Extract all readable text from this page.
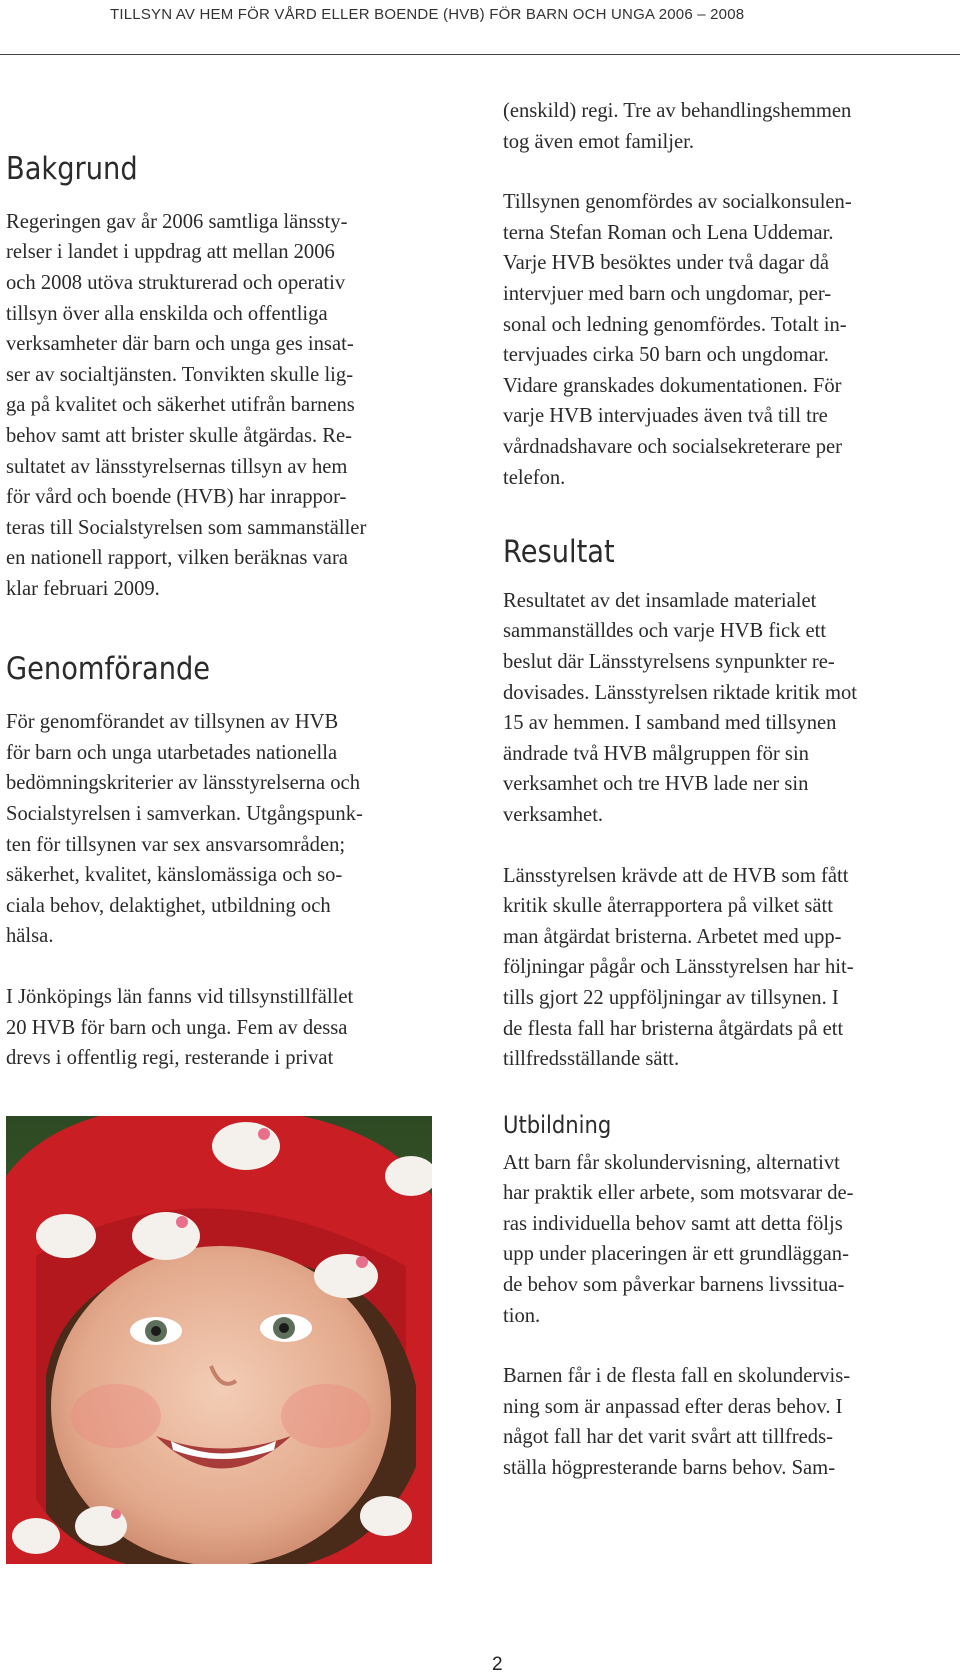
TILLSYN AV HEM FÖR VÅRD ELLER BOENDE (HVB) FÖR BARN OCH UNGA 2006 – 2008
Bakgrund
Regeringen gav år 2006 samtliga länssty-
relser i landet i uppdrag att mellan 2006
och 2008 utöva strukturerad och operativ
tillsyn över alla enskilda och offentliga
verksamheter där barn och unga ges insat-
ser av socialtjänsten. Tonvikten skulle lig-
ga på kvalitet och säkerhet utifrån barnens
behov samt att brister skulle åtgärdas. Re-
sultatet av länsstyrelsernas tillsyn av hem
för vård och boende (HVB) har inrappor-
teras till Socialstyrelsen som sammanställer
en nationell rapport, vilken beräknas vara
klar februari 2009.
Genomförande
För genomförandet av tillsynen av HVB
för barn och unga utarbetades nationella
bedömningskriterier av länsstyrelserna och
Socialstyrelsen i samverkan. Utgångspunk-
ten för tillsynen var sex ansvarsområden;
säkerhet, kvalitet, känslomässiga och so-
ciala behov, delaktighet, utbildning och
hälsa.
I Jönköpings län fanns vid tillsynstillfället
20 HVB för barn och unga. Fem av dessa
drevs i offentlig regi, resterande i privat
(enskild) regi. Tre av behandlingshemmen
tog även emot familjer.
Tillsynen genomfördes av socialkonsulen-
terna Stefan Roman och Lena Uddemar.
Varje HVB besöktes under två dagar då
intervjuer med barn och ungdomar, per-
sonal och ledning genomfördes. Totalt in-
tervjuades cirka 50 barn och ungdomar.
Vidare granskades dokumentationen. För
varje HVB intervjuades även två till tre
vårdnadshavare och socialsekreterare per
telefon.
Resultat
Resultatet av det insamlade materialet
sammanställdes och varje HVB fick ett
beslut där Länsstyrelsens synpunkter re-
dovisades. Länsstyrelsen riktade kritik mot
15 av hemmen. I samband med tillsynen
ändrade två HVB målgruppen för sin
verksamhet och tre HVB lade ner sin
verksamhet.
Länsstyrelsen krävde att de HVB som fått
kritik skulle återrapportera på vilket sätt
man åtgärdat bristerna. Arbetet med upp-
följningar pågår och Länsstyrelsen har hit-
tills gjort 22 uppföljningar av tillsynen. I
de flesta fall har bristerna åtgärdats på ett
tillfredsställande sätt.
Utbildning
Att barn får skolundervisning, alternativt
har praktik eller arbete, som motsvarar de-
ras individuella behov samt att detta följs
upp under placeringen är ett grundläggan-
de behov som påverkar barnens livssitua-
tion.
Barnen får i de flesta fall en skolundervis-
ning som är anpassad efter deras behov. I
något fall har det varit svårt att tillfreds-
ställa högpresterande barns behov. Sam-
2
